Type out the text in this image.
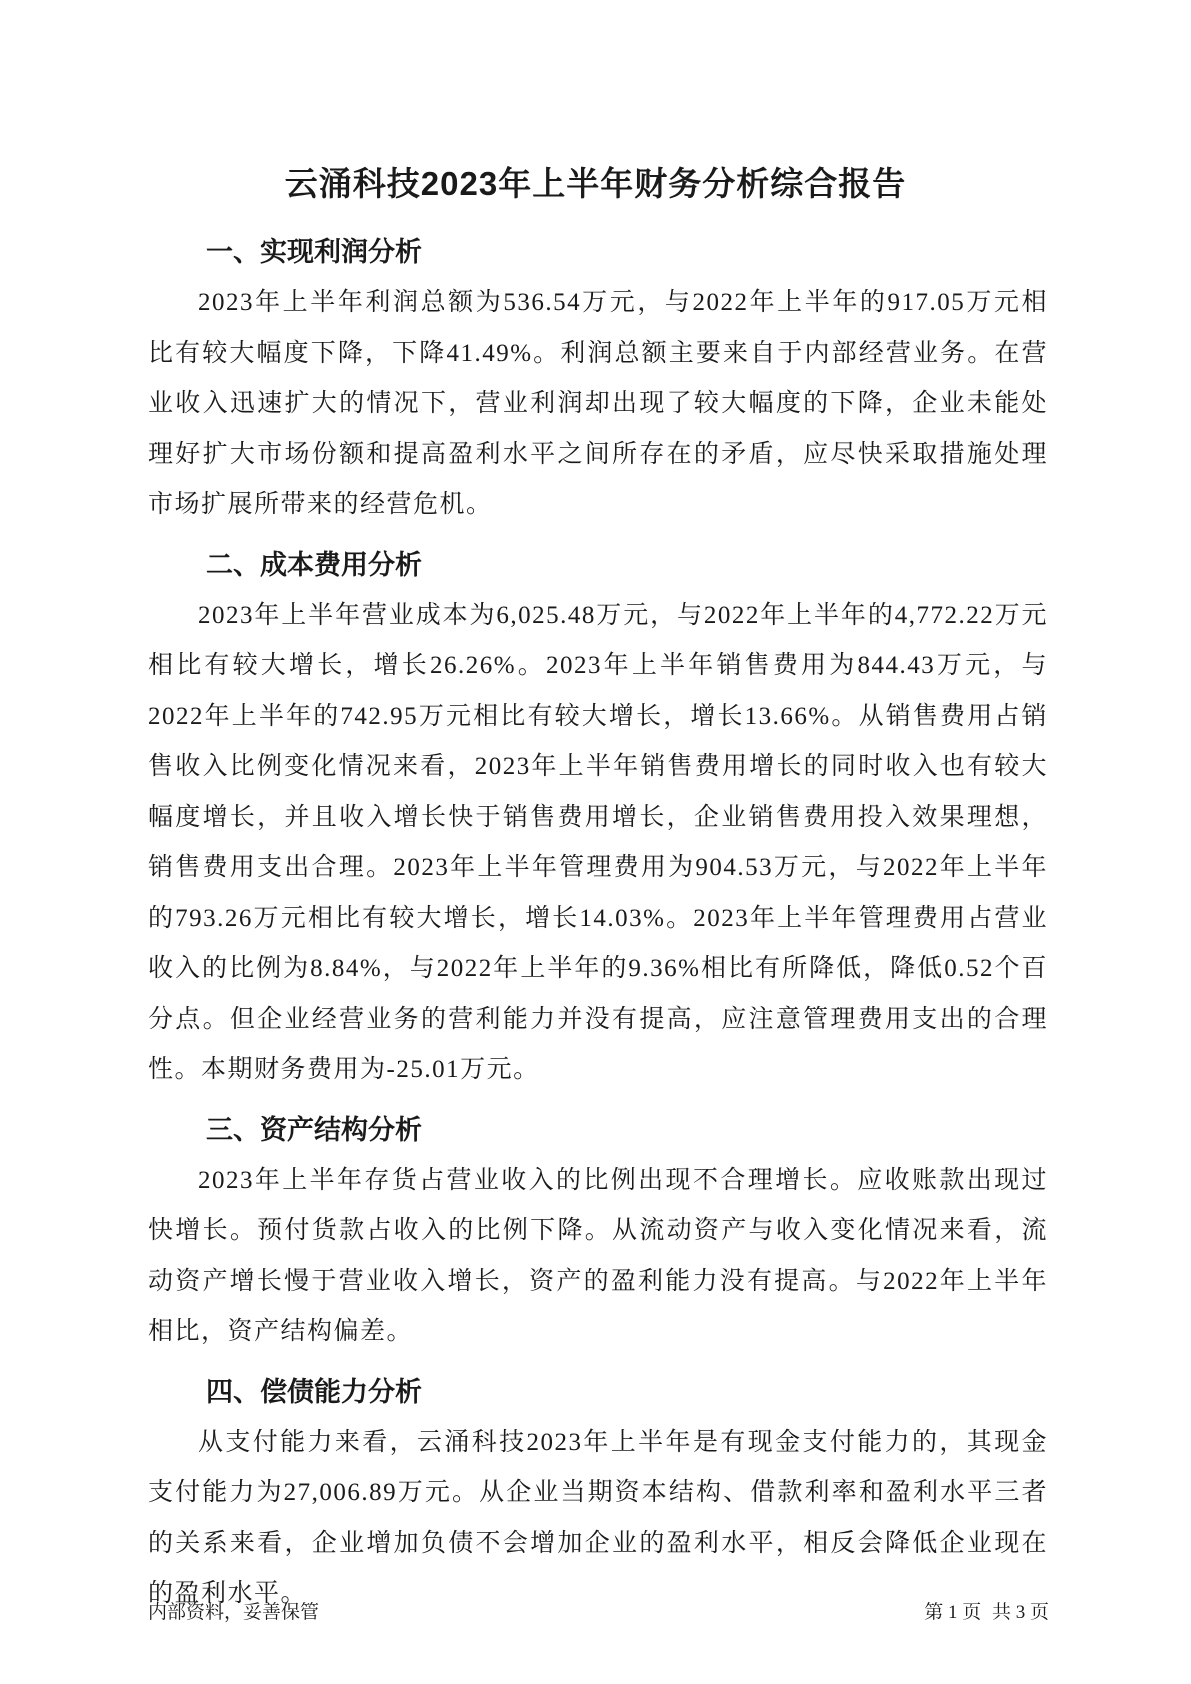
云涌科技2023年上半年财务分析综合报告
一、实现利润分析

2023年上半年利润总额为536.54万元，与2022年上半年的917.05万元相比有较大幅度下降，下降41.49%。利润总额主要来自于内部经营业务。在营业收入迅速扩大的情况下，营业利润却出现了较大幅度的下降，企业未能处理好扩大市场份额和提高盈利水平之间所存在的矛盾，应尽快采取措施处理市场扩展所带来的经营危机。

二、成本费用分析

2023年上半年营业成本为6,025.48万元，与2022年上半年的4,772.22万元相比有较大增长，增长26.26%。2023年上半年销售费用为844.43万元，与2022年上半年的742.95万元相比有较大增长，增长13.66%。从销售费用占销售收入比例变化情况来看，2023年上半年销售费用增长的同时收入也有较大幅度增长，并且收入增长快于销售费用增长，企业销售费用投入效果理想，销售费用支出合理。2023年上半年管理费用为904.53万元，与2022年上半年的793.26万元相比有较大增长，增长14.03%。2023年上半年管理费用占营业收入的比例为8.84%，与2022年上半年的9.36%相比有所降低，降低0.52个百分点。但企业经营业务的营利能力并没有提高，应注意管理费用支出的合理性。本期财务费用为-25.01万元。

三、资产结构分析

2023年上半年存货占营业收入的比例出现不合理增长。应收账款出现过快增长。预付货款占收入的比例下降。从流动资产与收入变化情况来看，流动资产增长慢于营业收入增长，资产的盈利能力没有提高。与2022年上半年相比，资产结构偏差。

四、偿债能力分析

从支付能力来看，云涌科技2023年上半年是有现金支付能力的，其现金支付能力为27,006.89万元。从企业当期资本结构、借款利率和盈利水平三者的关系来看，企业增加负债不会增加企业的盈利水平，相反会降低企业现在的盈利水平。

内部资料，妥善保管	第 1 页 共 3 页
